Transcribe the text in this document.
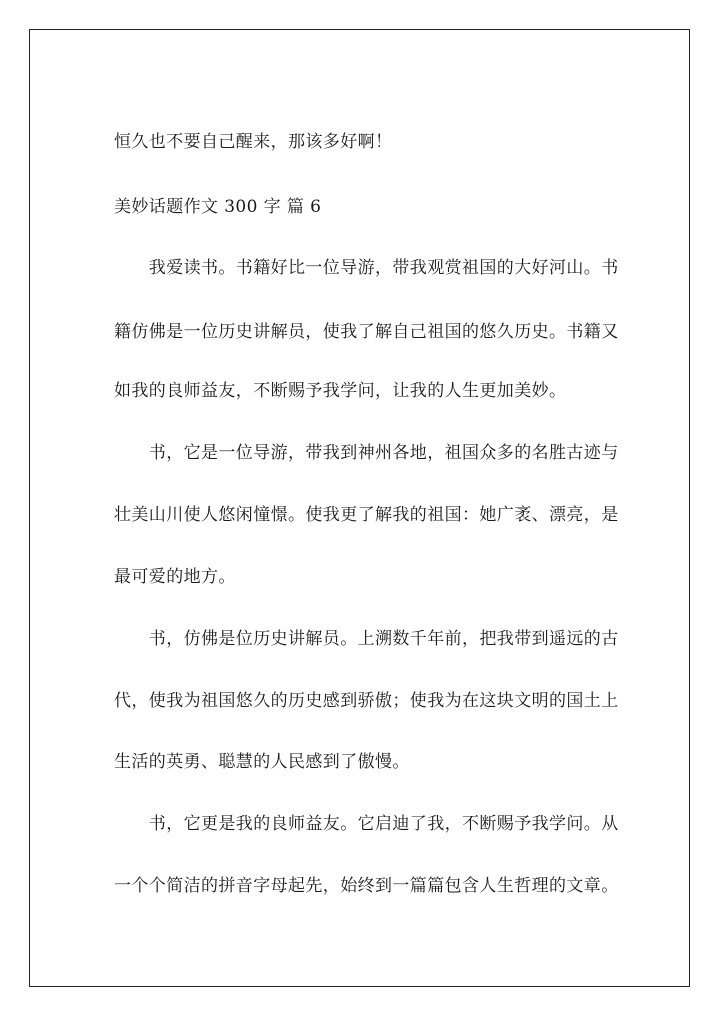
恒久也不要自己醒来，那该多好啊！
美妙话题作文 300 字 篇 6
　　我爱读书。书籍好比一位导游，带我观赏祖国的大好河山。书
籍仿佛是一位历史讲解员，使我了解自己祖国的悠久历史。书籍又
如我的良师益友，不断赐予我学问，让我的人生更加美妙。
　　书，它是一位导游，带我到神州各地，祖国众多的名胜古迹与
壮美山川使人悠闲憧憬。使我更了解我的祖国：她广袤、漂亮，是
最可爱的地方。
　　书，仿佛是位历史讲解员。上溯数千年前，把我带到遥远的古
代，使我为祖国悠久的历史感到骄傲；使我为在这块文明的国土上
生活的英勇、聪慧的人民感到了傲慢。
　　书，它更是我的良师益友。它启迪了我，不断赐予我学问。从
一个个简洁的拼音字母起先，始终到一篇篇包含人生哲理的文章。
